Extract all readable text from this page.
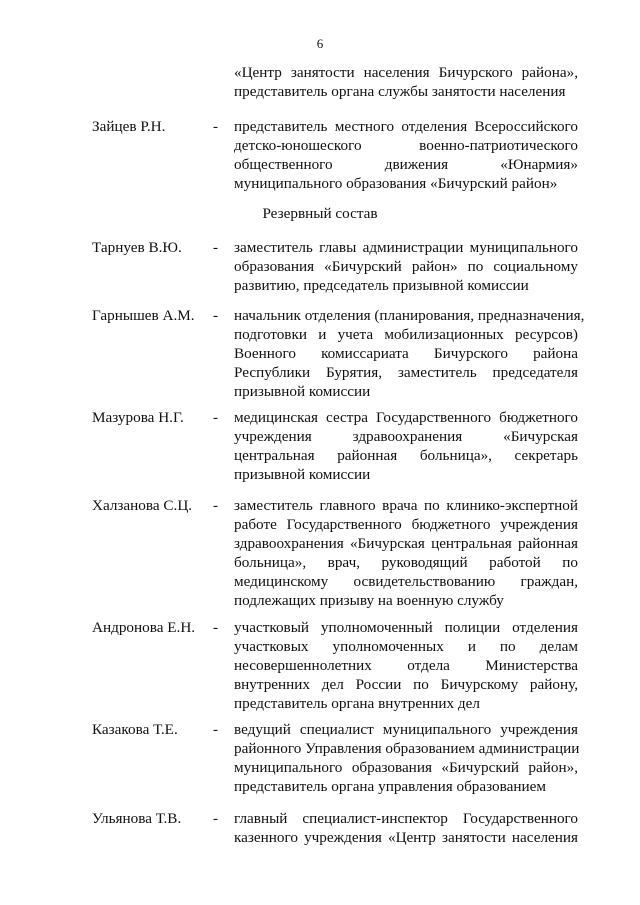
6
«Центр занятости населения Бичурского района»,
представитель органа службы занятости населения
Зайцев Р.Н.	- представитель местного отделения Всероссийского
детско-юношеского военно-патриотического
общественного движения «Юнармия»
муниципального образования «Бичурский район»
Резервный состав
Тарнуев В.Ю. - заместитель главы администрации муниципального
образования «Бичурский район» по социальному
развитию, председатель призывной комиссии
Гарнышев А.М. - начальник отделения (планирования, предназначения,
подготовки и учета мобилизационных ресурсов)
Военного комиссариата Бичурского района
Республики Бурятия, заместитель председателя
призывной комиссии
Мазурова Н.Г. - медицинская сестра Государственного бюджетного
учреждения здравоохранения «Бичурская
центральная районная больница», секретарь
призывной комиссии
Халзанова С.Ц. - заместитель главного врача по клинико-экспертной
работе Государственного бюджетного учреждения
здравоохранения «Бичурская центральная районная
больница», врач, руководящий работой по
медицинскому освидетельствованию граждан,
подлежащих призыву на военную службу
Андронова Е.Н. - участковый уполномоченный полиции отделения
участковых уполномоченных и по делам
несовершеннолетних отдела Министерства
внутренних дел России по Бичурскому району,
представитель органа внутренних дел
Казакова Т.Е. - ведущий специалист муниципального учреждения
районного Управления образованием администрации
муниципального образования «Бичурский район»,
представитель органа управления образованием
Ульянова Т.В. - главный специалист-инспектор Государственного
казенного учреждения «Центр занятости населения
